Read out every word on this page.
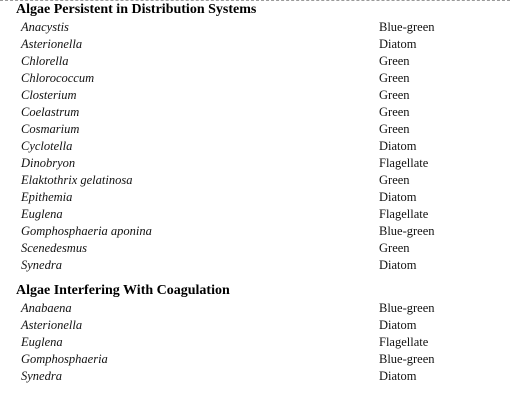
Algae Persistent in Distribution Systems
Anacystis	Blue-green
Asterionella	Diatom
Chlorella	Green
Chlorococcum	Green
Closterium	Green
Coelastrum	Green
Cosmarium	Green
Cyclotella	Diatom
Dinobryon	Flagellate
Elaktothrix gelatinosa	Green
Epithemia	Diatom
Euglena	Flagellate
Gomphosphaeria aponina	Blue-green
Scenedesmus	Green
Synedra	Diatom
Algae Interfering With Coagulation
Anabaena	Blue-green
Asterionella	Diatom
Euglena	Flagellate
Gomphosphaeria	Blue-green
Synedra	Diatom
